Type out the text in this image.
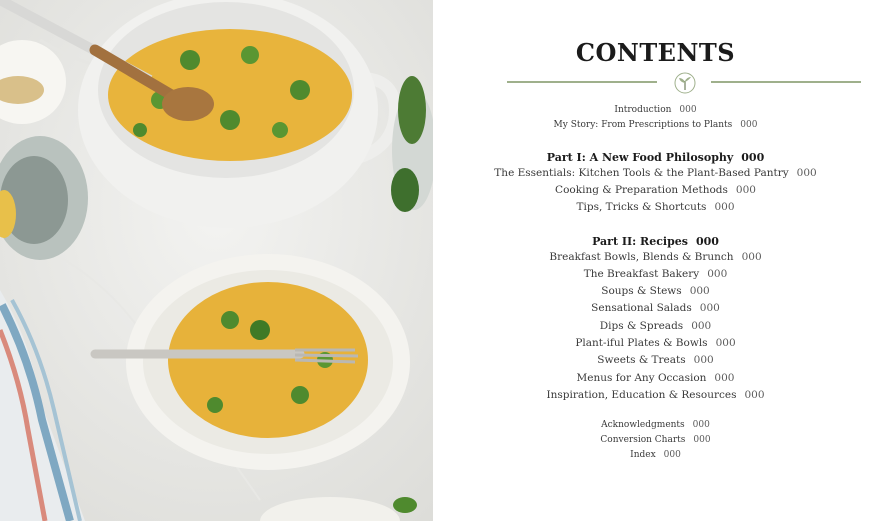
CONTENTS
Introduction 000
My Story: From Prescriptions to Plants 000
Part I: A New Food Philosophy 000
The Essentials: Kitchen Tools & the Plant-Based Pantry 000
Cooking & Preparation Methods 000
Tips, Tricks & Shortcuts 000
Part II: Recipes 000
Breakfast Bowls, Blends & Brunch 000
The Breakfast Bakery 000
Soups & Stews 000
Sensational Salads 000
Dips & Spreads 000
Plant-iful Plates & Bowls 000
Sweets & Treats 000
Menus for Any Occasion 000
Inspiration, Education & Resources 000
Acknowledgments 000
Conversion Charts 000
Index 000
